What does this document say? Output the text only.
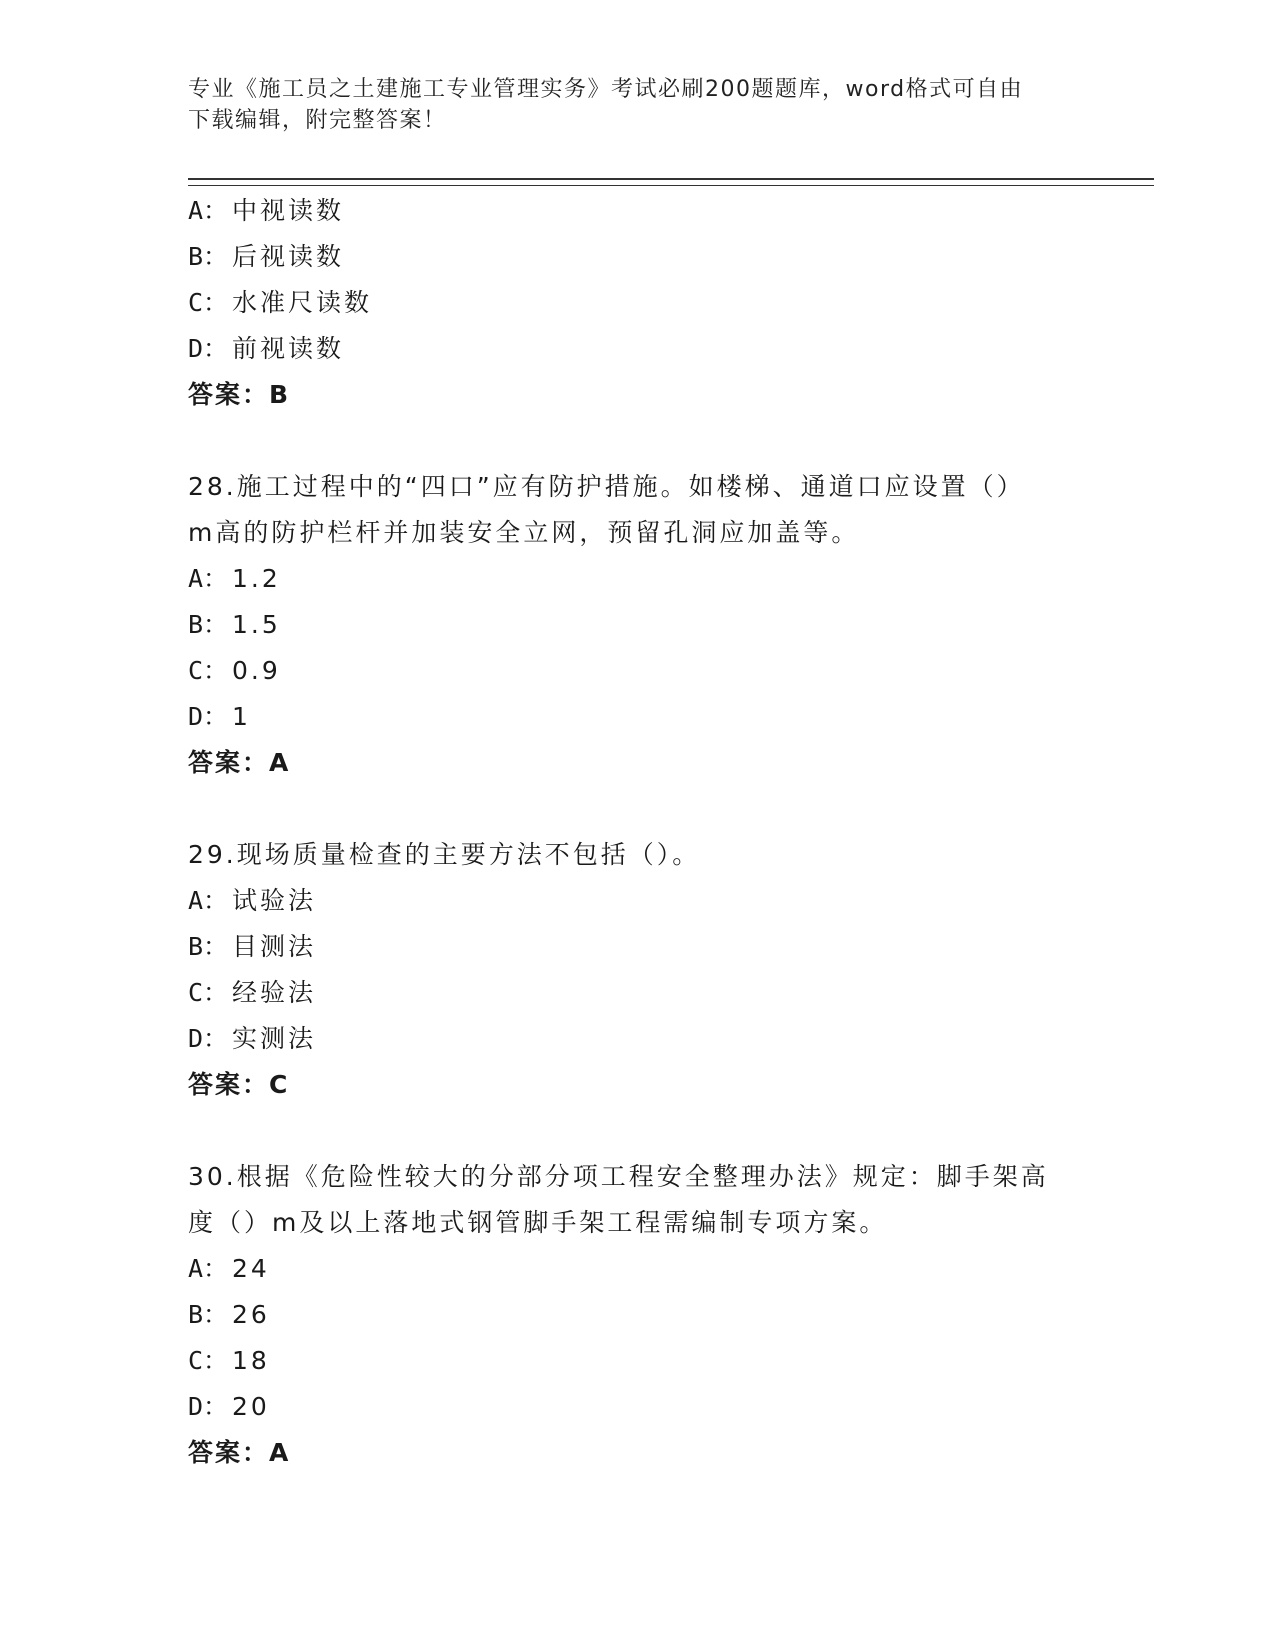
专业《施工员之土建施工专业管理实务》考试必刷200题题库，word格式可自由
下载编辑，附完整答案！
A： 中视读数
B： 后视读数
C： 水准尺读数
D： 前视读数
答案：B
28.施工过程中的“四口”应有防护措施。如楼梯、通道口应设置（）
m高的防护栏杆并加装安全立网，预留孔洞应加盖等。
A： 1.2
B： 1.5
C： 0.9
D： 1
答案：A
29.现场质量检查的主要方法不包括（）。
A： 试验法
B： 目测法
C： 经验法
D： 实测法
答案：C
30.根据《危险性较大的分部分项工程安全整理办法》规定：脚手架高
度（）m及以上落地式钢管脚手架工程需编制专项方案。
A： 24
B： 26
C： 18
D： 20
答案：A
